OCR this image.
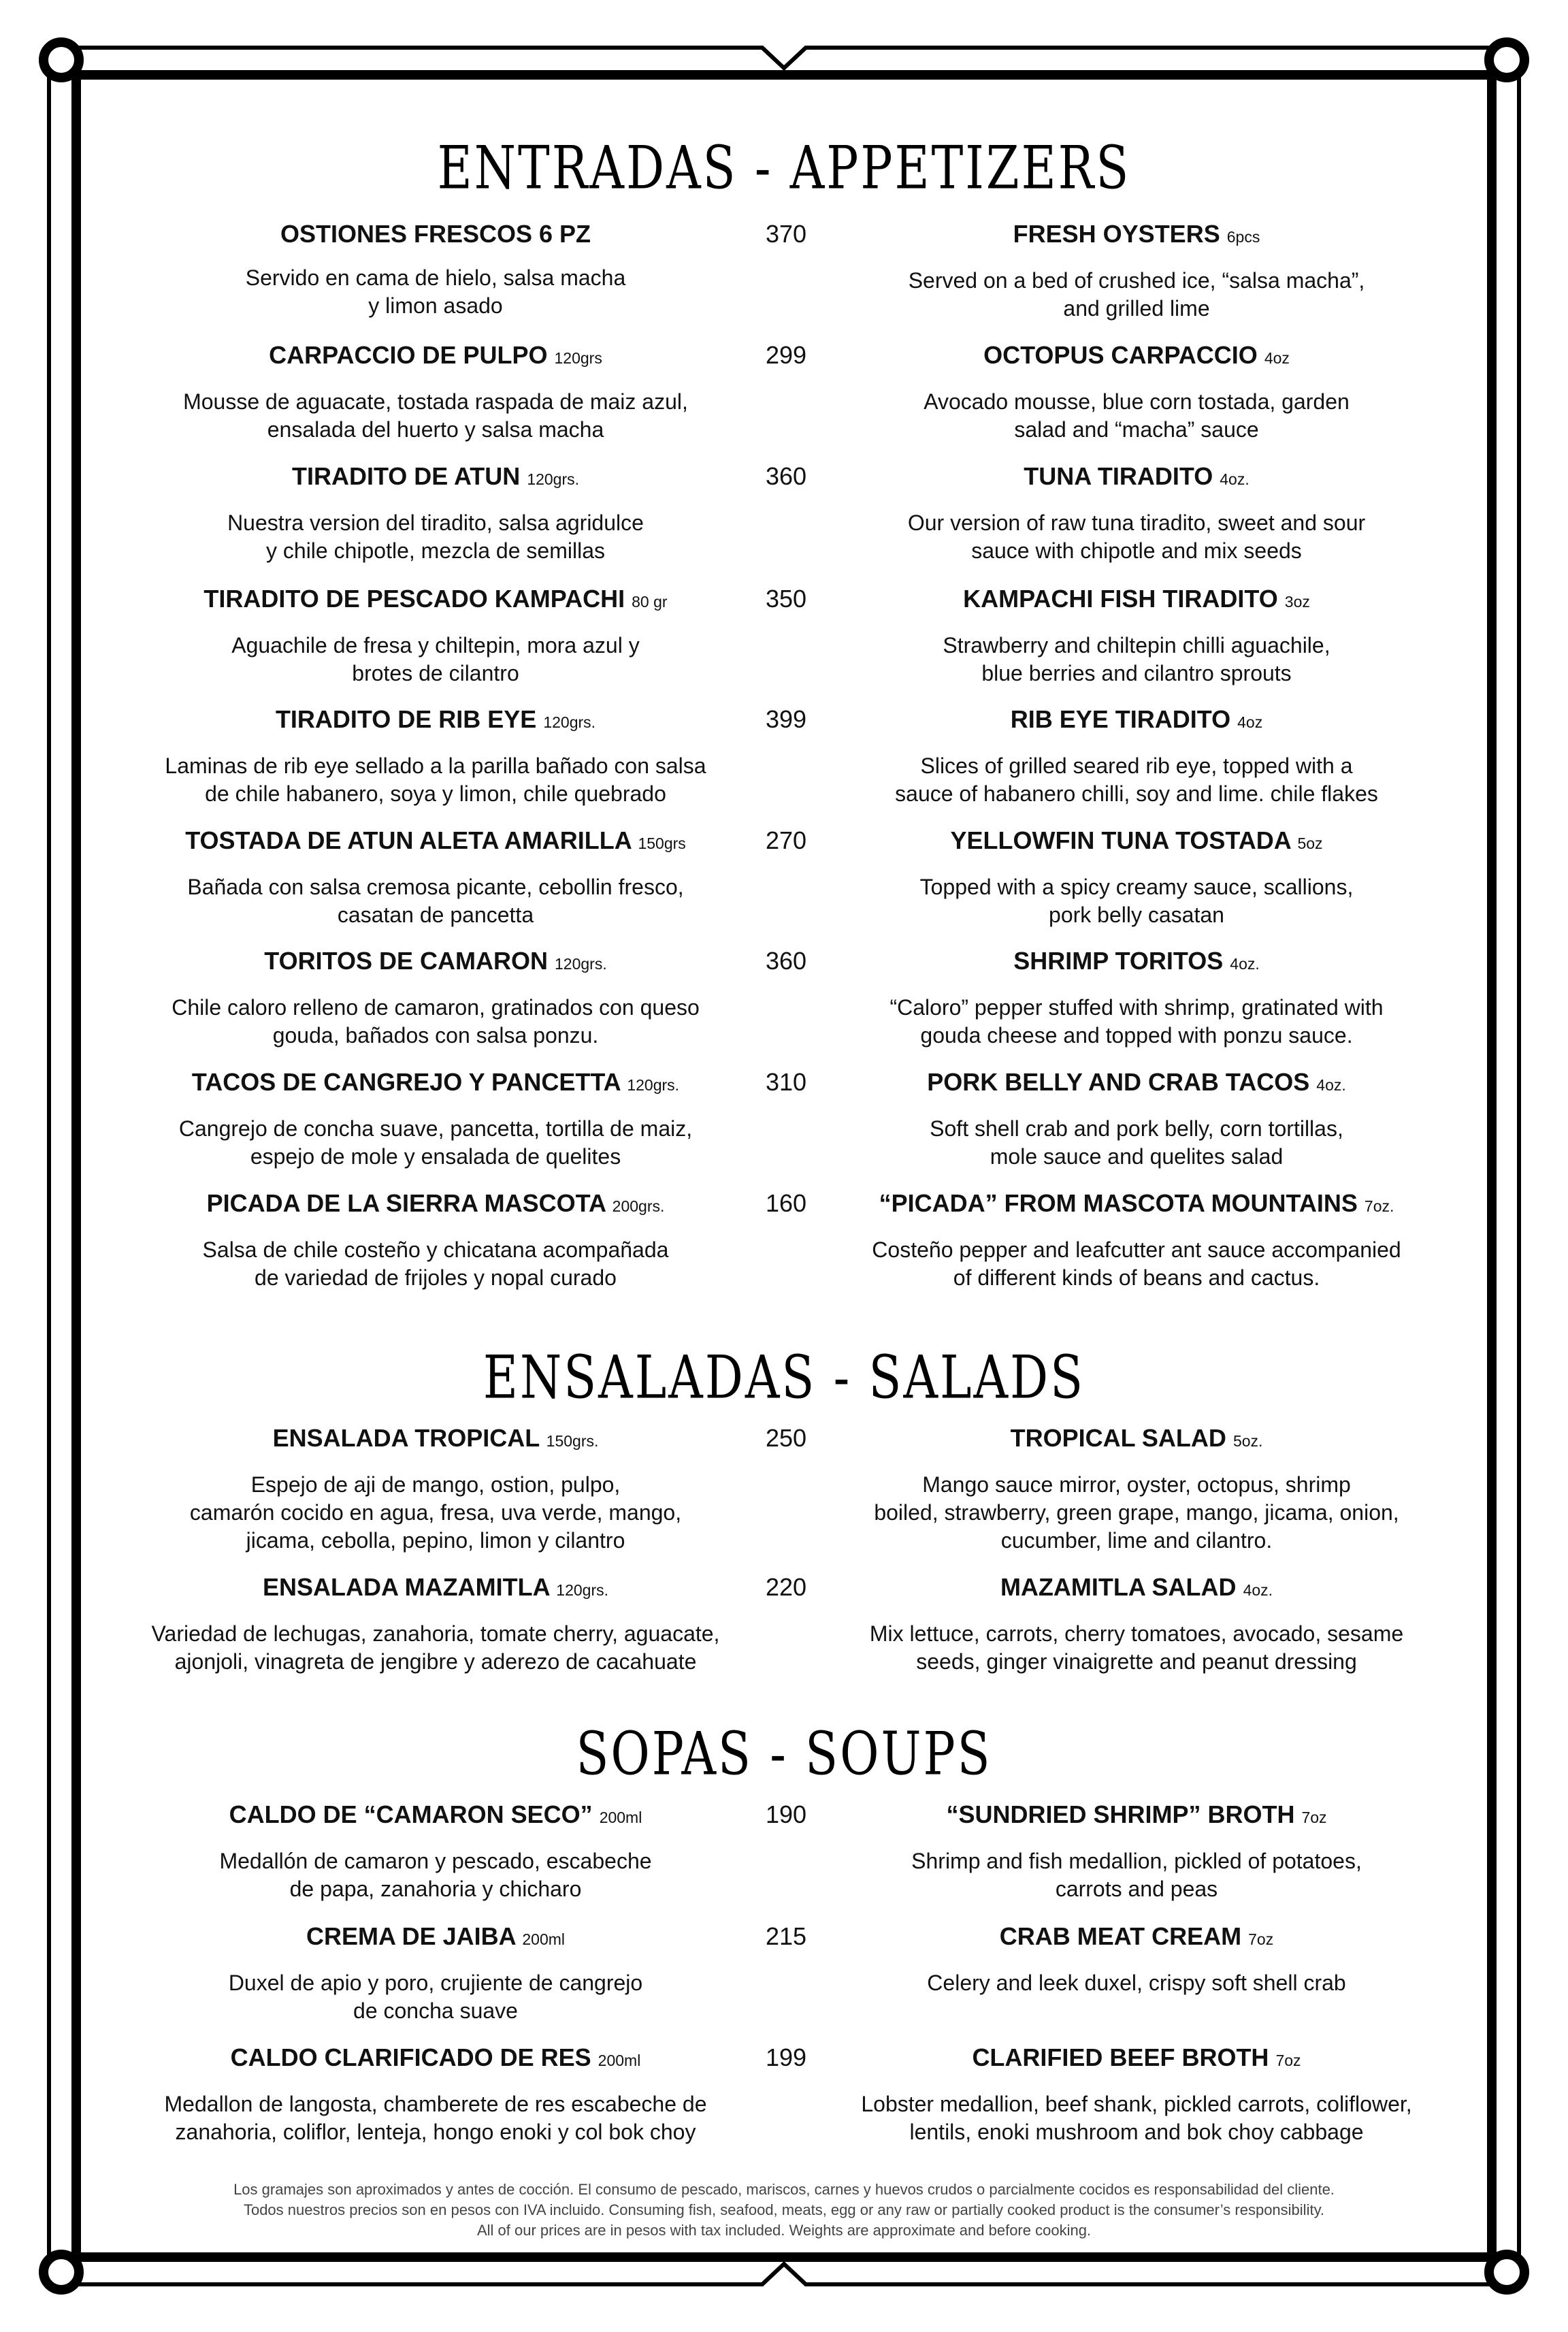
ENTRADAS - APPETIZERS
ENSALADAS - SALADS
SOPAS - SOUPS
OSTIONES FRESCOS 6 PZ
Servido en cama de hielo, salsa macha
y limon asado
FRESH OYSTERS 6pcs
Served on a bed of crushed ice, “salsa macha”,
and grilled lime
370
CARPACCIO DE PULPO 120grs
Mousse de aguacate, tostada raspada de maiz azul,
ensalada del huerto y salsa macha
OCTOPUS CARPACCIO 4oz
Avocado mousse, blue corn tostada, garden
salad and “macha” sauce
299
TIRADITO DE ATUN 120grs.
Nuestra version del tiradito, salsa agridulce
y chile chipotle, mezcla de semillas
TUNA TIRADITO 4oz.
Our version of raw tuna tiradito, sweet and sour
sauce with chipotle and mix seeds
360
TIRADITO DE PESCADO KAMPACHI 80 gr
Aguachile de fresa y chiltepin, mora azul y
brotes de cilantro
KAMPACHI FISH TIRADITO 3oz
Strawberry and chiltepin chilli aguachile,
blue berries and cilantro sprouts
350
TIRADITO DE RIB EYE 120grs.
Laminas de rib eye sellado a la parilla bañado con salsa
de chile habanero, soya y limon, chile quebrado
RIB EYE TIRADITO 4oz
Slices of grilled seared rib eye, topped with a
sauce of habanero chilli, soy and lime. chile flakes
399
TOSTADA DE ATUN ALETA AMARILLA 150grs
Bañada con salsa cremosa picante, cebollin fresco,
casatan de pancetta
YELLOWFIN TUNA TOSTADA 5oz
Topped with a spicy creamy sauce, scallions,
pork belly casatan
270
TORITOS DE CAMARON 120grs.
Chile caloro relleno de camaron, gratinados con queso
gouda, bañados con salsa ponzu.
SHRIMP TORITOS 4oz.
“Caloro” pepper stuffed with shrimp, gratinated with
gouda cheese and topped with ponzu sauce.
360
TACOS DE CANGREJO Y PANCETTA 120grs.
Cangrejo de concha suave, pancetta, tortilla de maiz,
espejo de mole y ensalada de quelites
PORK BELLY AND CRAB TACOS 4oz.
Soft shell crab and pork belly, corn tortillas,
mole sauce and quelites salad
310
PICADA DE LA SIERRA MASCOTA 200grs.
Salsa de chile costeño y chicatana acompañada
de variedad de frijoles y nopal curado
“PICADA” FROM MASCOTA MOUNTAINS 7oz.
Costeño pepper and leafcutter ant sauce accompanied
of different kinds of beans and cactus.
160
ENSALADA TROPICAL 150grs.
Espejo de aji de mango, ostion, pulpo,
camarón cocido en agua, fresa, uva verde, mango,
jicama, cebolla, pepino, limon y cilantro
TROPICAL SALAD 5oz.
Mango sauce mirror, oyster, octopus, shrimp
boiled, strawberry, green grape, mango, jicama, onion,
cucumber, lime and cilantro.
250
ENSALADA MAZAMITLA 120grs.
Variedad de lechugas, zanahoria, tomate cherry, aguacate,
ajonjoli, vinagreta de jengibre y aderezo de cacahuate
MAZAMITLA SALAD 4oz.
Mix lettuce, carrots, cherry tomatoes, avocado, sesame
seeds, ginger vinaigrette and peanut dressing
220
CALDO DE “CAMARON SECO” 200ml
Medallón de camaron y pescado, escabeche
de papa, zanahoria y chicharo
“SUNDRIED SHRIMP” BROTH 7oz
Shrimp and fish medallion, pickled of potatoes,
carrots and peas
190
CREMA DE JAIBA 200ml
Duxel de apio y poro, crujiente de cangrejo
de concha suave
CRAB MEAT CREAM 7oz
Celery and leek duxel, crispy soft shell crab
215
CALDO CLARIFICADO DE RES 200ml
Medallon de langosta, chamberete de res escabeche de
zanahoria, coliflor, lenteja, hongo enoki y col bok choy
CLARIFIED BEEF BROTH 7oz
Lobster medallion, beef shank, pickled carrots, coliflower,
lentils, enoki mushroom and bok choy cabbage
199
Los gramajes son aproximados y antes de cocción. El consumo de pescado, mariscos, carnes y huevos crudos o parcialmente cocidos es responsabilidad del cliente.
Todos nuestros precios son en pesos con IVA incluido. Consuming fish, seafood, meats, egg or any raw or partially cooked product is the consumer’s responsibility.
All of our prices are in pesos with tax included. Weights are approximate and before cooking.
